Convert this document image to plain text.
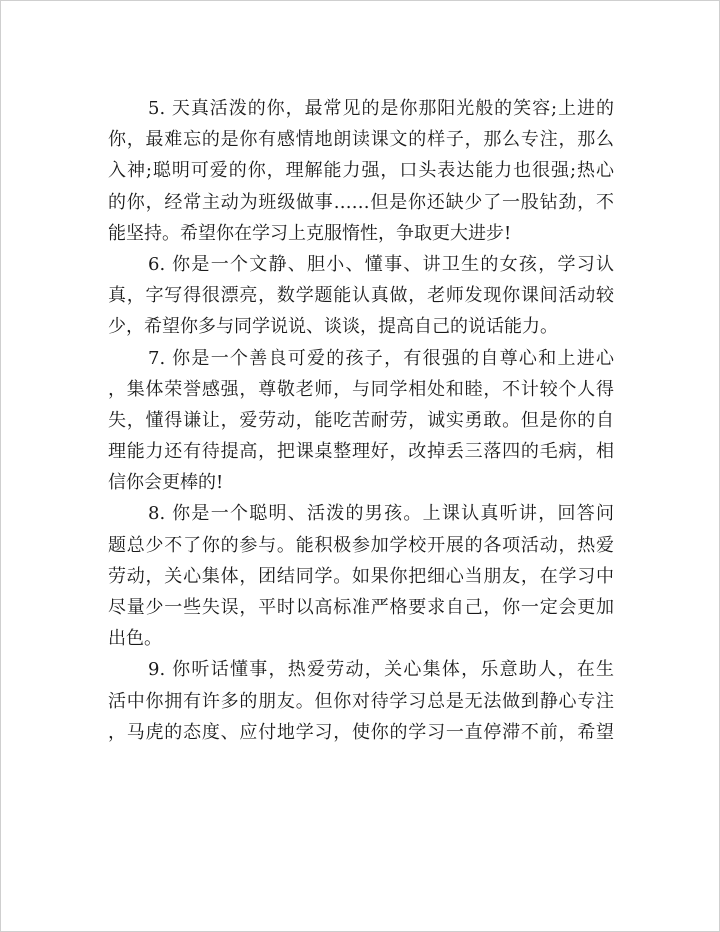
5. 天真活泼的你，最常见的是你那阳光般的笑容;上进的
你，最难忘的是你有感情地朗读课文的样子，那么专注，那么
入神;聪明可爱的你，理解能力强，口头表达能力也很强;热心
的你，经常主动为班级做事……但是你还缺少了一股钻劲，不
能坚持。希望你在学习上克服惰性，争取更大进步!
6. 你是一个文静、胆小、懂事、讲卫生的女孩，学习认
真，字写得很漂亮，数学题能认真做，老师发现你课间活动较
少，希望你多与同学说说、谈谈，提高自己的说话能力。
7. 你是一个善良可爱的孩子，有很强的自尊心和上进心
，集体荣誉感强，尊敬老师，与同学相处和睦，不计较个人得
失，懂得谦让，爱劳动，能吃苦耐劳，诚实勇敢。但是你的自
理能力还有待提高，把课桌整理好，改掉丢三落四的毛病，相
信你会更棒的!
8. 你是一个聪明、活泼的男孩。上课认真听讲，回答问
题总少不了你的参与。能积极参加学校开展的各项活动，热爱
劳动，关心集体，团结同学。如果你把细心当朋友，在学习中
尽量少一些失误，平时以高标准严格要求自己，你一定会更加
出色。
9. 你听话懂事，热爱劳动，关心集体，乐意助人，在生
活中你拥有许多的朋友。但你对待学习总是无法做到静心专注
，马虎的态度、应付地学习，使你的学习一直停滞不前，希望
